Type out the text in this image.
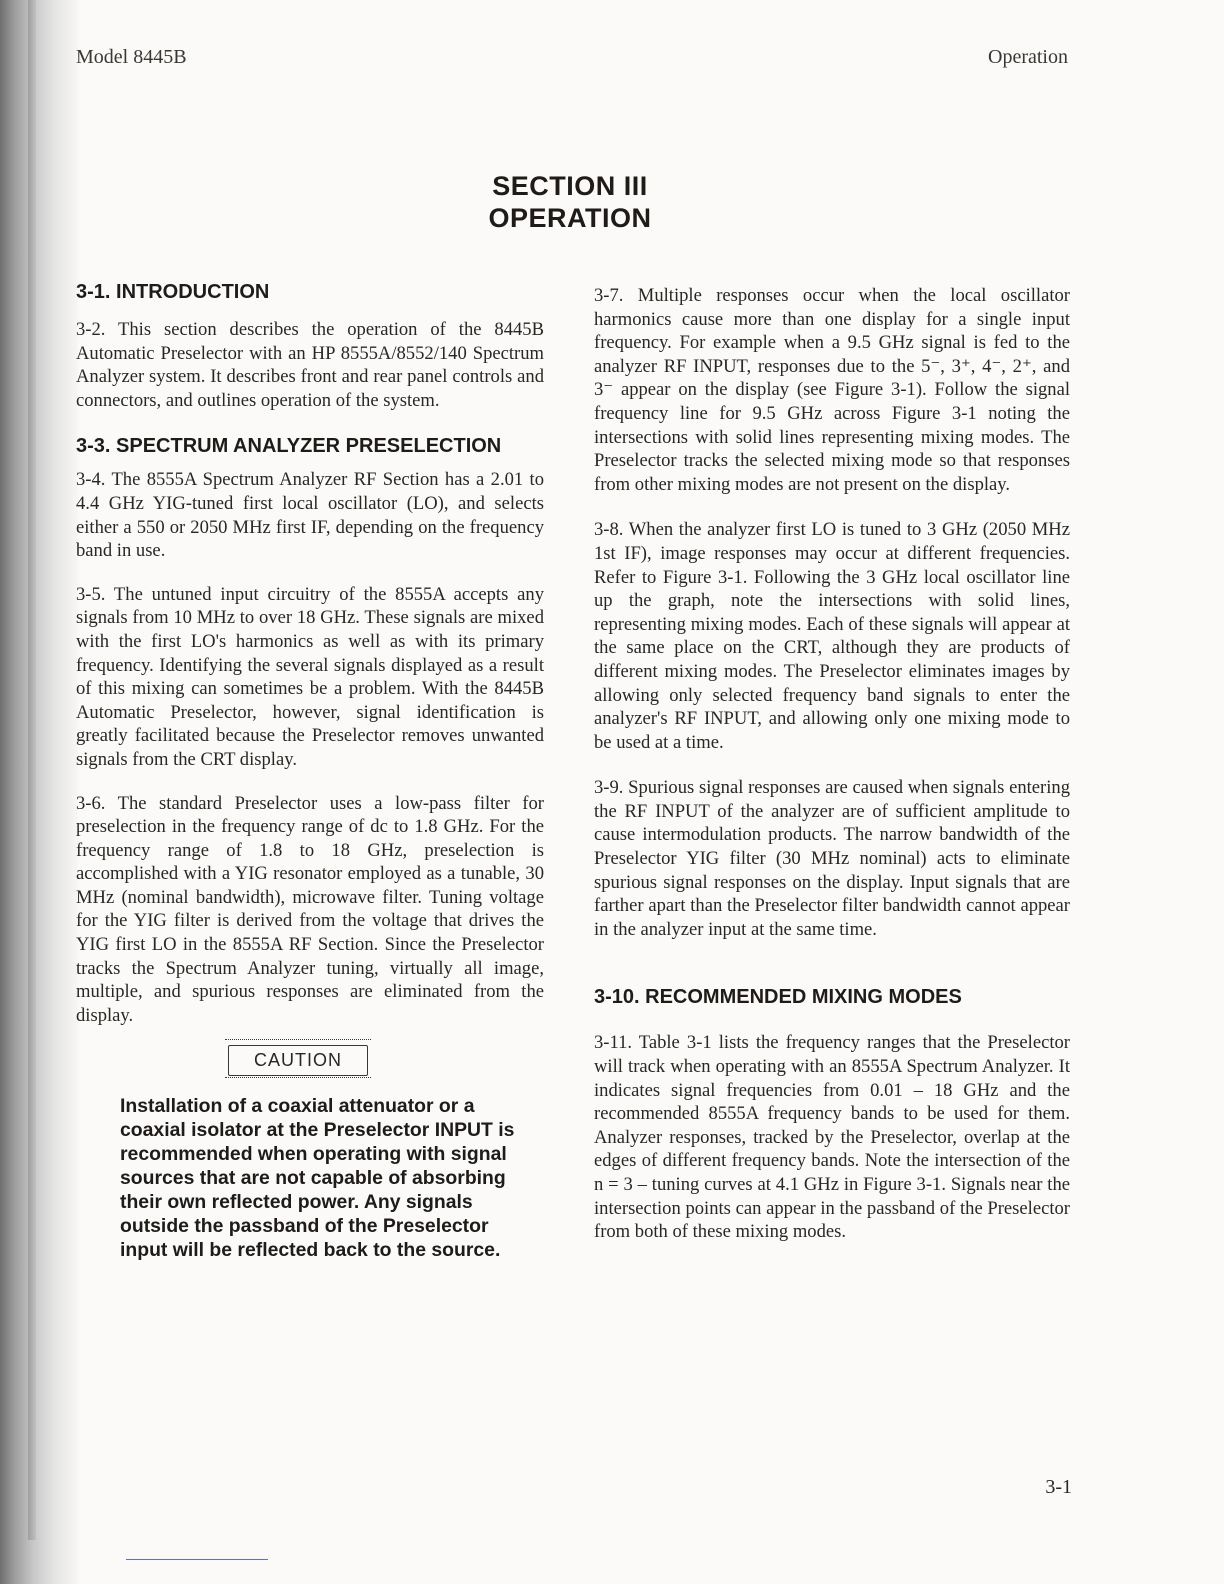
Model 8445B	Operation
SECTION III
OPERATION
3-1. INTRODUCTION

3-2. This section describes the operation of the 8445B Automatic Preselector with an HP 8555A/8552/140 Spectrum Analyzer system. It describes front and rear panel controls and connectors, and outlines operation of the system.

3-3. SPECTRUM ANALYZER PRESELECTION

3-4. The 8555A Spectrum Analyzer RF Section has a 2.01 to 4.4 GHz YIG-tuned first local oscillator (LO), and selects either a 550 or 2050 MHz first IF, depending on the frequency band in use.

3-5. The untuned input circuitry of the 8555A accepts any signals from 10 MHz to over 18 GHz. These signals are mixed with the first LO's harmonics as well as with its primary frequency. Identifying the several signals displayed as a result of this mixing can sometimes be a problem. With the 8445B Automatic Preselector, however, signal identification is greatly facilitated because the Preselector removes unwanted signals from the CRT display.

3-6. The standard Preselector uses a low-pass filter for preselection in the frequency range of dc to 1.8 GHz. For the frequency range of 1.8 to 18 GHz, preselection is accomplished with a YIG resonator employed as a tunable, 30 MHz (nominal bandwidth), microwave filter. Tuning voltage for the YIG filter is derived from the voltage that drives the YIG first LO in the 8555A RF Section. Since the Preselector tracks the Spectrum Analyzer tuning, virtually all image, multiple, and spurious responses are eliminated from the display.

CAUTION

Installation of a coaxial attenuator or a coaxial isolator at the Preselector INPUT is recommended when operating with signal sources that are not capable of absorbing their own reflected power. Any signals outside the passband of the Preselector input will be reflected back to the source.

3-7. Multiple responses occur when the local oscillator harmonics cause more than one display for a single input frequency. For example when a 9.5 GHz signal is fed to the analyzer RF INPUT, responses due to the 5⁻, 3⁺, 4⁻, 2⁺, and 3⁻ appear on the display (see Figure 3-1). Follow the signal frequency line for 9.5 GHz across Figure 3-1 noting the intersections with solid lines representing mixing modes. The Preselector tracks the selected mixing mode so that responses from other mixing modes are not present on the display.

3-8. When the analyzer first LO is tuned to 3 GHz (2050 MHz 1st IF), image responses may occur at different frequencies. Refer to Figure 3-1. Following the 3 GHz local oscillator line up the graph, note the intersections with solid lines, representing mixing modes. Each of these signals will appear at the same place on the CRT, although they are products of different mixing modes. The Preselector eliminates images by allowing only selected frequency band signals to enter the analyzer's RF INPUT, and allowing only one mixing mode to be used at a time.

3-9. Spurious signal responses are caused when signals entering the RF INPUT of the analyzer are of sufficient amplitude to cause intermodulation products. The narrow bandwidth of the Preselector YIG filter (30 MHz nominal) acts to eliminate spurious signal responses on the display. Input signals that are farther apart than the Preselector filter bandwidth cannot appear in the analyzer input at the same time.

3-10. RECOMMENDED MIXING MODES

3-11. Table 3-1 lists the frequency ranges that the Preselector will track when operating with an 8555A Spectrum Analyzer. It indicates signal frequencies from 0.01 – 18 GHz and the recommended 8555A frequency bands to be used for them. Analyzer responses, tracked by the Preselector, overlap at the edges of different frequency bands. Note the intersection of the n = 3 – tuning curves at 4.1 GHz in Figure 3-1. Signals near the intersection points can appear in the passband of the Preselector from both of these mixing modes.

3-1
